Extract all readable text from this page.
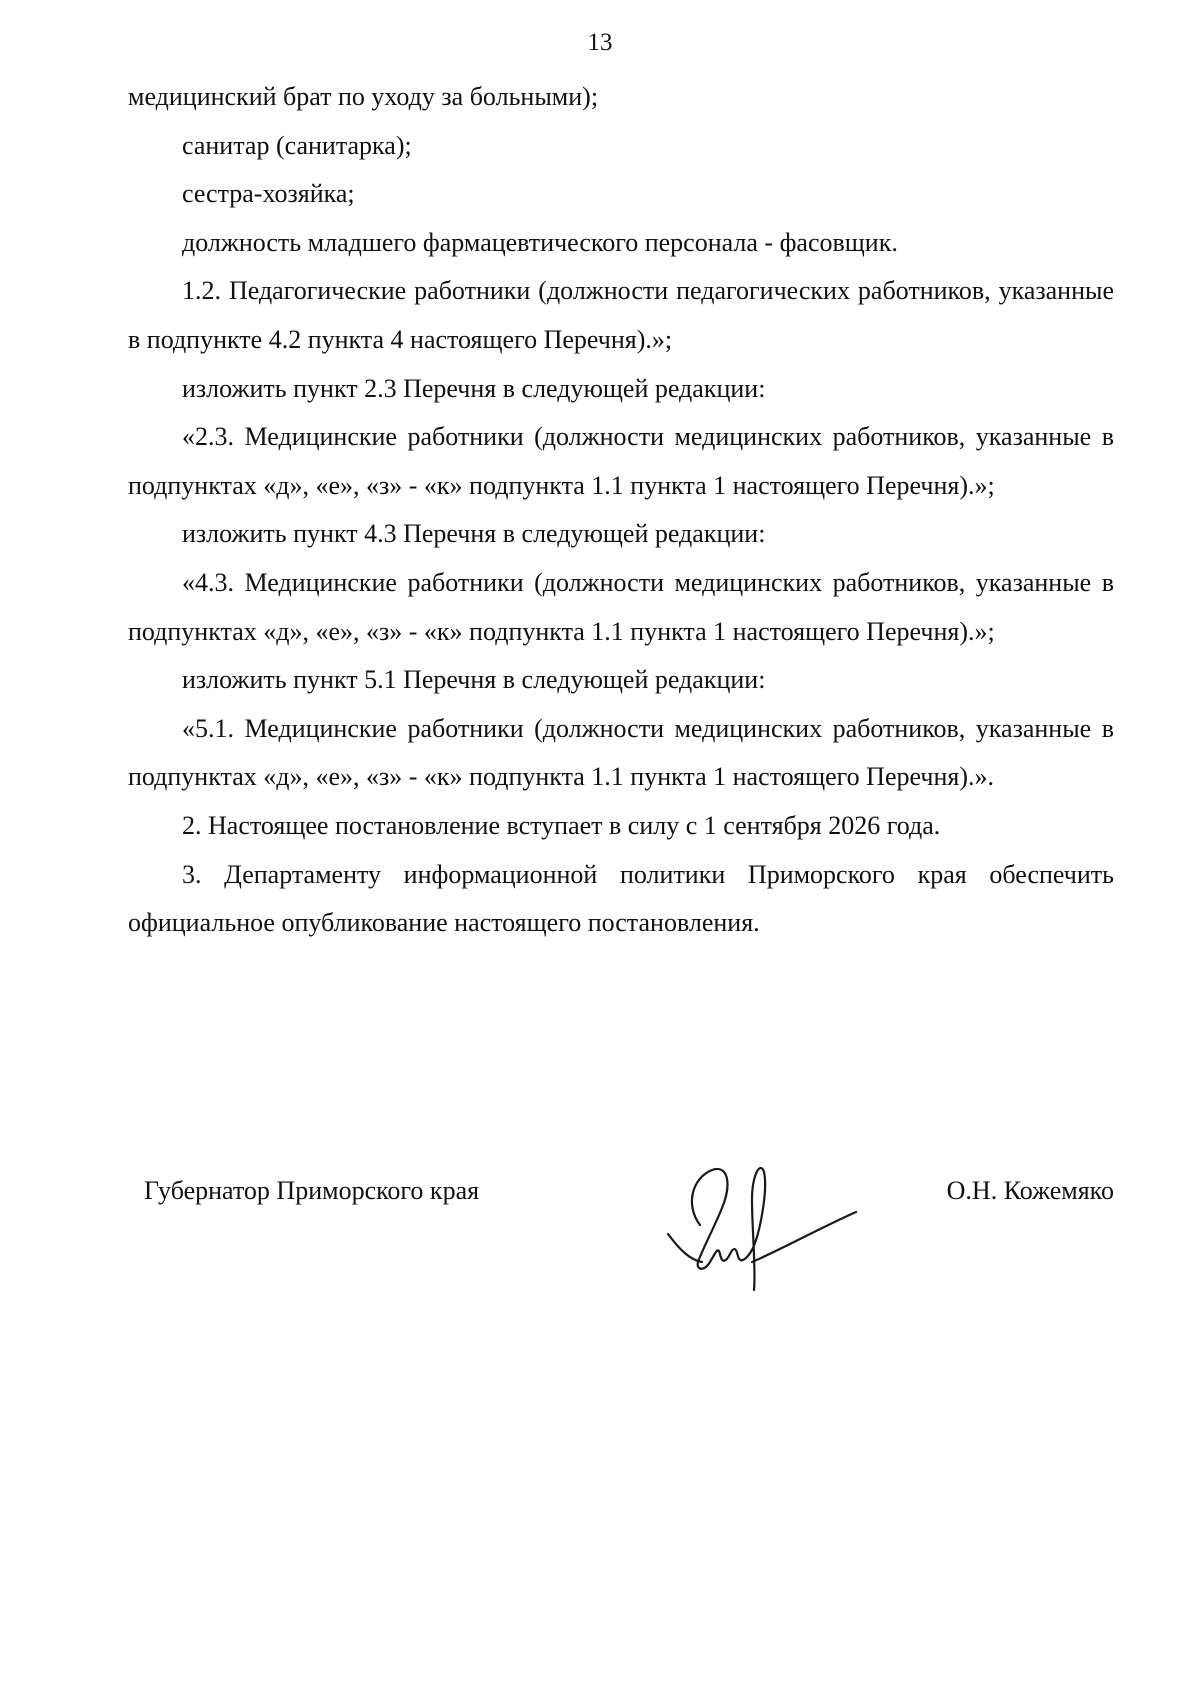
13

медицинский брат по уходу за больными);

санитар (санитарка);

сестра-хозяйка;

должность младшего фармацевтического персонала - фасовщик.

1.2. Педагогические работники (должности педагогических работников, указанные в подпункте 4.2 пункта 4 настоящего Перечня).»;

изложить пункт 2.3 Перечня в следующей редакции:

«2.3. Медицинские работники (должности медицинских работников, указанные в подпунктах «д», «е», «з» - «к» подпункта 1.1 пункта 1 настоящего Перечня).»;

изложить пункт 4.3 Перечня в следующей редакции:

«4.3. Медицинские работники (должности медицинских работников, указанные в подпунктах «д», «е», «з» - «к» подпункта 1.1 пункта 1 настоящего Перечня).»;

изложить пункт 5.1 Перечня в следующей редакции:

«5.1. Медицинские работники (должности медицинских работников, указанные в подпунктах «д», «е», «з» - «к» подпункта 1.1 пункта 1 настоящего Перечня).».

2. Настоящее постановление вступает в силу с 1 сентября 2026 года.

3. Департаменту информационной политики Приморского края обеспечить официальное опубликование настоящего постановления.

Губернатор Приморского края	О.Н. Кожемяко
